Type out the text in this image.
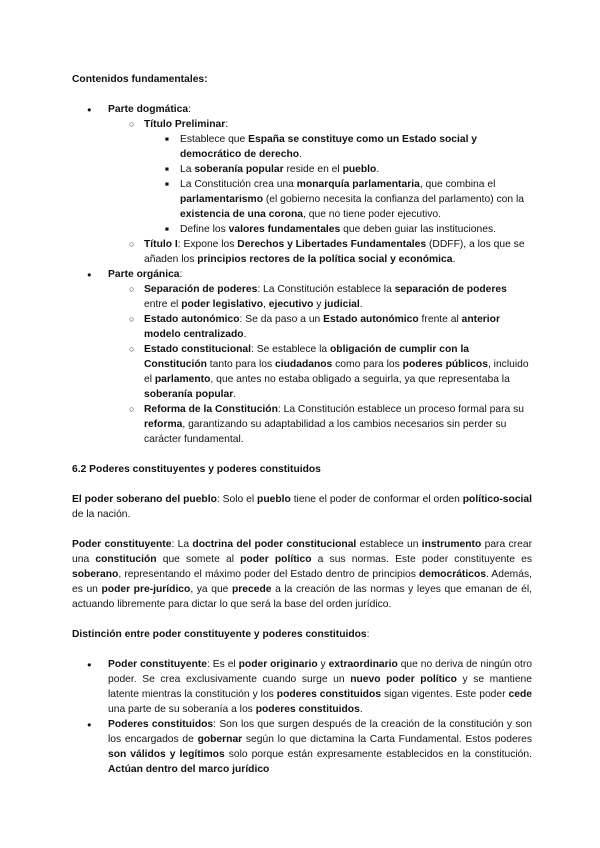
Contenidos fundamentales:

● Parte dogmática:
○ Título Preliminar:
■ Establece que España se constituye como un Estado social y democrático de derecho.
■ La soberanía popular reside en el pueblo.
■ La Constitución crea una monarquía parlamentaria, que combina el parlamentarismo (el gobierno necesita la confianza del parlamento) con la existencia de una corona, que no tiene poder ejecutivo.
■ Define los valores fundamentales que deben guiar las instituciones.
○ Título I: Expone los Derechos y Libertades Fundamentales (DDFF), a los que se añaden los principios rectores de la política social y económica.
● Parte orgánica:
○ Separación de poderes: La Constitución establece la separación de poderes entre el poder legislativo, ejecutivo y judicial.
○ Estado autonómico: Se da paso a un Estado autonómico frente al anterior modelo centralizado.
○ Estado constitucional: Se establece la obligación de cumplir con la Constitución tanto para los ciudadanos como para los poderes públicos, incluido el parlamento, que antes no estaba obligado a seguirla, ya que representaba la soberanía popular.
○ Reforma de la Constitución: La Constitución establece un proceso formal para su reforma, garantizando su adaptabilidad a los cambios necesarios sin perder su carácter fundamental.

6.2 Poderes constituyentes y poderes constituidos

El poder soberano del pueblo: Solo el pueblo tiene el poder de conformar el orden político-social de la nación.

Poder constituyente: La doctrina del poder constitucional establece un instrumento para crear una constitución que somete al poder político a sus normas. Este poder constituyente es soberano, representando el máximo poder del Estado dentro de principios democráticos. Además, es un poder pre-jurídico, ya que precede a la creación de las normas y leyes que emanan de él, actuando libremente para dictar lo que será la base del orden jurídico.

Distinción entre poder constituyente y poderes constituidos:

● Poder constituyente: Es el poder originario y extraordinario que no deriva de ningún otro poder. Se crea exclusivamente cuando surge un nuevo poder político y se mantiene latente mientras la constitución y los poderes constituidos sigan vigentes. Este poder cede una parte de su soberanía a los poderes constituidos.
● Poderes constituidos: Son los que surgen después de la creación de la constitución y son los encargados de gobernar según lo que dictamina la Carta Fundamental. Estos poderes son válidos y legítimos solo porque están expresamente establecidos en la constitución. Actúan dentro del marco jurídico
